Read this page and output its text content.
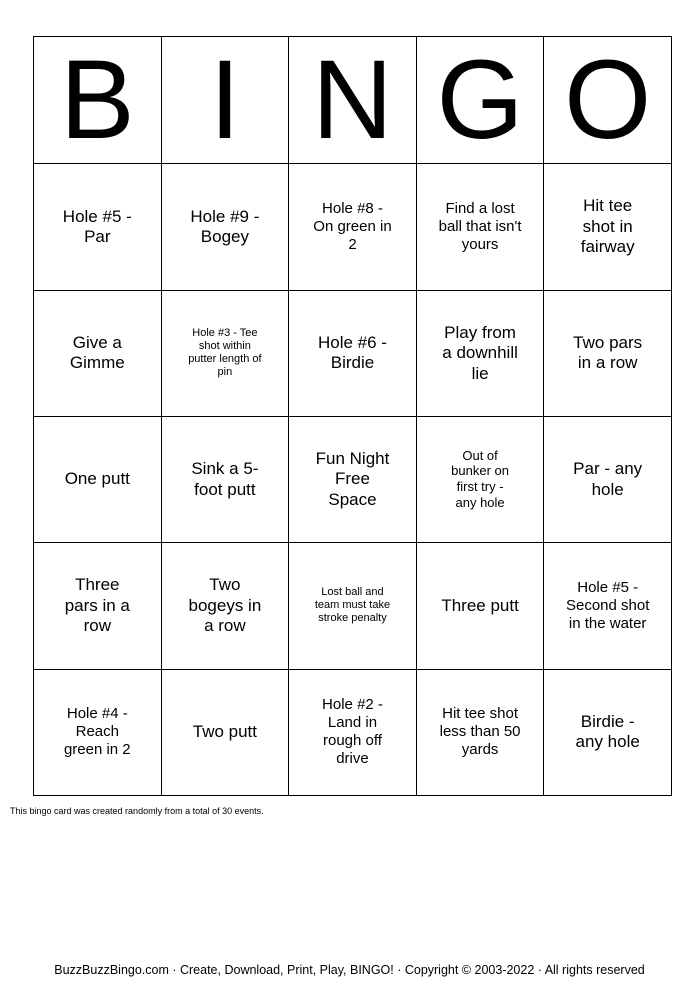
B	I	N	G	O

Hole #5 - Par	Hole #9 - Bogey	Hole #8 - On green in 2	Find a lost ball that isn't yours	Hit tee shot in fairway
Give a Gimme	Hole #3 - Tee shot within putter length of pin	Hole #6 - Birdie	Play from a downhill lie	Two pars in a row
One putt	Sink a 5-foot putt	Fun Night Free Space	Out of bunker on first try - any hole	Par - any hole
Three pars in a row	Two bogeys in a row	Lost ball and team must take stroke penalty	Three putt	Hole #5 - Second shot in the water
Hole #4 -Reach green in 2	Two putt	Hole #2 - Land in rough off drive	Hit tee shot less than 50 yards	Birdie - any hole
This bingo card was created randomly from a total of 30 events.
BuzzBuzzBingo.com · Create, Download, Print, Play, BINGO! · Copyright © 2003-2022 · All rights reserved
